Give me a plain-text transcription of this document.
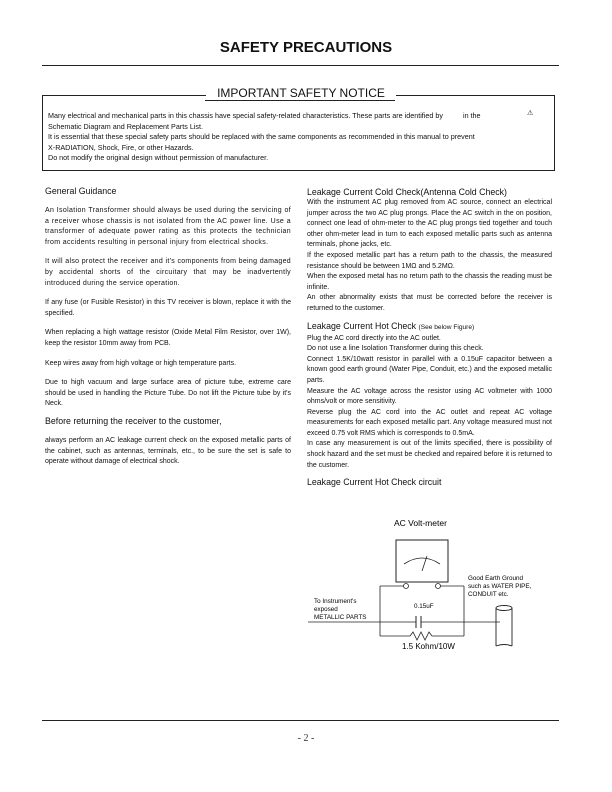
SAFETY PRECAUTIONS
IMPORTANT SAFETY NOTICE
⚠

Many electrical and mechanical parts in this chassis have special safety-related characteristics. These parts are identified by	in the

Schematic Diagram and Replacement Parts List.

It is essential that these special safety parts should be replaced with the same components as recommended in this manual to prevent

X-RADIATION, Shock, Fire, or other Hazards.

Do not modify the original design without permission of manufacturer.

General Guidance

An Isolation Transformer should always be used during the servicing of a receiver whose chassis is not isolated from the AC power line. Use a transformer of adequate power rating as this protects the technician from accidents resulting in personal injury from electrical shocks.

It will also protect the receiver and it's components from being damaged by accidental shorts of the circuitary that may be inadvertently introduced during the service operation.

If any fuse (or Fusible Resistor) in this TV receiver is blown, replace it with the specified.

When replacing a high wattage resistor (Oxide Metal Film Resistor, over 1W), keep the resistor 10mm away from PCB.

Keep wires away from high voltage or high temperature parts.

Due to high vacuum and large surface area of picture tube, extreme care should be used in handling the Picture Tube. Do not lift the Picture tube by it's Neck.

Before returning the receiver to the customer,

always perform an AC leakage current check on the exposed metallic parts of the cabinet, such as antennas, terminals, etc., to be sure the set is safe to operate without damage of electrical shock.

Leakage Current Cold Check(Antenna Cold Check)

With the instrument AC plug removed from AC source, connect an electrical jumper across the two AC plug prongs. Place the AC switch in the on position, connect one lead of ohm-meter to the AC plug prongs tied together and touch other ohm-meter lead in turn to each exposed metallic parts such as antenna terminals, phone jacks, etc.

If the exposed metallic part has a return path to the chassis, the measured resistance should be between 1MΩ and 5.2MΩ.

When the exposed metal has no return path to the chassis the reading must be infinite.

An other abnormality exists that must be corrected before the receiver is returned to the customer.

Leakage Current Hot Check (See below Figure)

Plug the AC cord directly into the AC outlet.

Do not use a line Isolation Transformer during this check.

Connect 1.5K/10watt resistor in parallel with a 0.15uF capacitor between a known good earth ground (Water Pipe, Conduit, etc.) and the exposed metallic parts.

Measure the AC voltage across the resistor using AC voltmeter with 1000 ohms/volt or more sensitivity.

Reverse plug the AC cord into the AC outlet and repeat AC voltage measurements for each exposed metallic part. Any voltage measured must not exceed 0.75 volt RMS which is corresponds to 0.5mA.

In case any measurement is out of the limits specified, there is possibility of shock hazard and the set must be checked and repaired before it is returned to the customer.

Leakage Current Hot Check circuit
AC Volt-meter
0.15uF
1.5 Kohm/10W
To Instrument's
exposed
METALLIC PARTS
Good Earth Ground
such as WATER PIPE,
CONDUIT etc.
- 2 -
